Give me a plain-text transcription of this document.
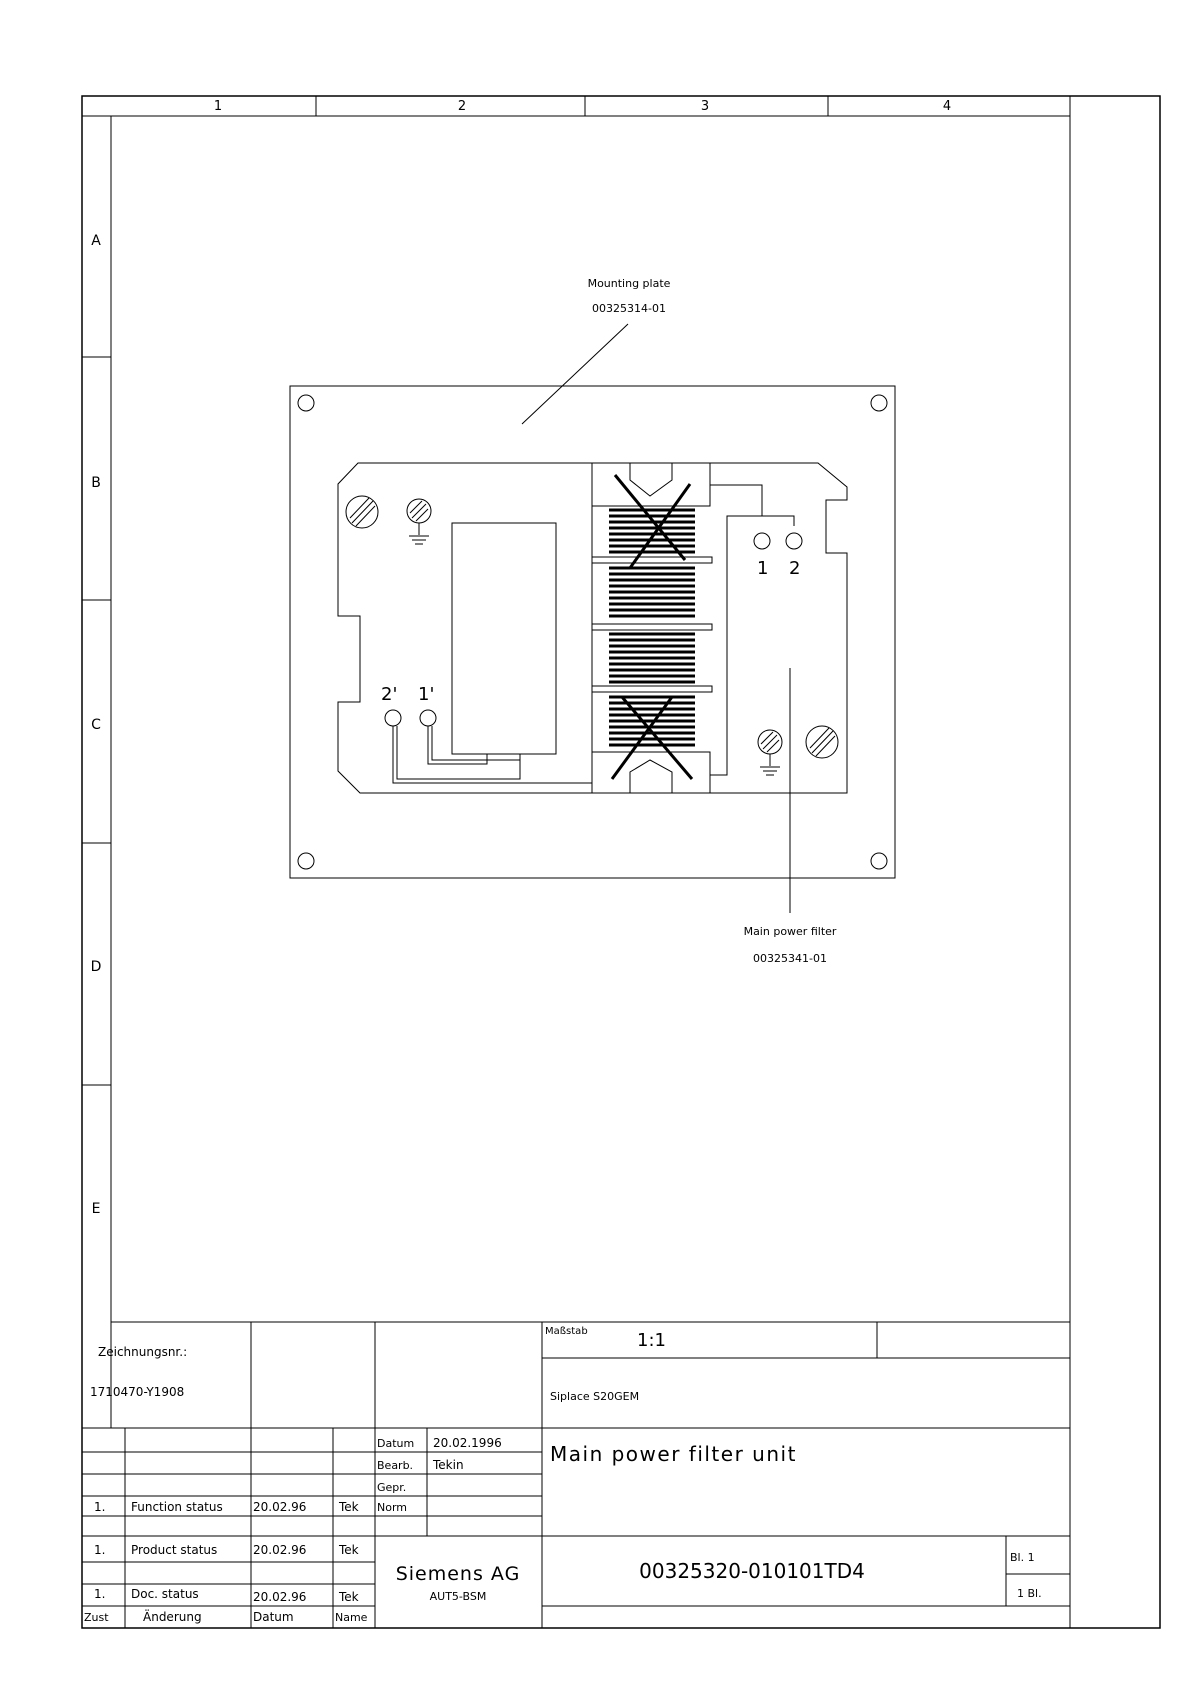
1	2	3	4
A
B
C
D
E
Mounting plate
00325314-01
Main power filter
00325341-01
1 2
2' 1'
Zeichnungsnr.:
1710470-Y1908
Maßstab	1:1
Siplace S20GEM
Main power filter unit
00325320-010101TD4
Bl. 1
1 Bl.
Siemens AG
AUT5-BSM
Datum 20.02.1996
Bearb. Tekin
Gepr.
Norm
1. Function status	20.02.96	Tek
1. Product status	20.02.96	Tek
1. Doc. status	20.02.96	Tek
Zust	Änderung	Datum	Name
